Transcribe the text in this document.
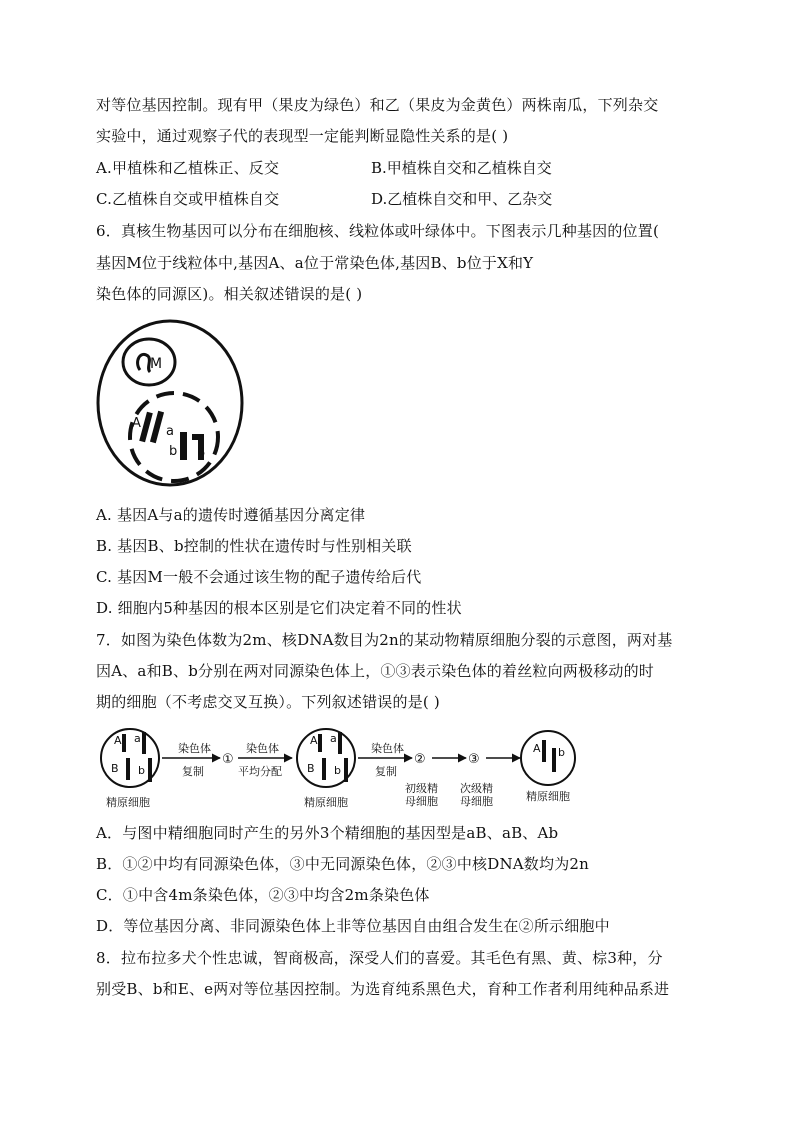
对等位基因控制。现有甲（果皮为绿色）和乙（果皮为金黄色）两株南瓜，下列杂交
实验中，通过观察子代的表现型一定能判断显隐性关系的是( )
A.甲植株和乙植株正、反交	B.甲植株自交和乙植株自交
C.乙植株自交或甲植株自交	D.乙植株自交和甲、乙杂交
6．真核生物基因可以分布在细胞核、线粒体或叶绿体中。下图表示几种基因的位置(
基因M位于线粒体中,基因A、a位于常染色体,基因B、b位于X和Y
染色体的同源区)。相关叙述错误的是( )
M
A
a
b B
A. 基因A与a的遗传时遵循基因分离定律
B. 基因B、b控制的性状在遗传时与性别相关联
C. 基因M一般不会通过该生物的配子遗传给后代
D. 细胞内5种基因的根本区别是它们决定着不同的性状
7．如图为染色体数为2m、核DNA数目为2n的某动物精原细胞分裂的示意图，两对基
因A、a和B、b分别在两对同源染色体上，①③表示染色体的着丝粒向两极移动的时
期的细胞（不考虑交叉互换）。下列叙述错误的是( )
A a
B b
精原细胞
染色体
复制
①
染色体
平均分配
A a
B b
精原细胞
染色体
复制
②
初级精
母细胞
③
次级精
母细胞
A b
精原细胞
A．与图中精细胞同时产生的另外3个精细胞的基因型是aB、aB、Ab
B．①②中均有同源染色体，③中无同源染色体，②③中核DNA数均为2n
C．①中含4m条染色体，②③中均含2m条染色体
D．等位基因分离、非同源染色体上非等位基因自由组合发生在②所示细胞中
8．拉布拉多犬个性忠诚，智商极高，深受人们的喜爱。其毛色有黑、黄、棕3种，分
别受B、b和E、e两对等位基因控制。为选育纯系黑色犬，育种工作者利用纯种品系进
